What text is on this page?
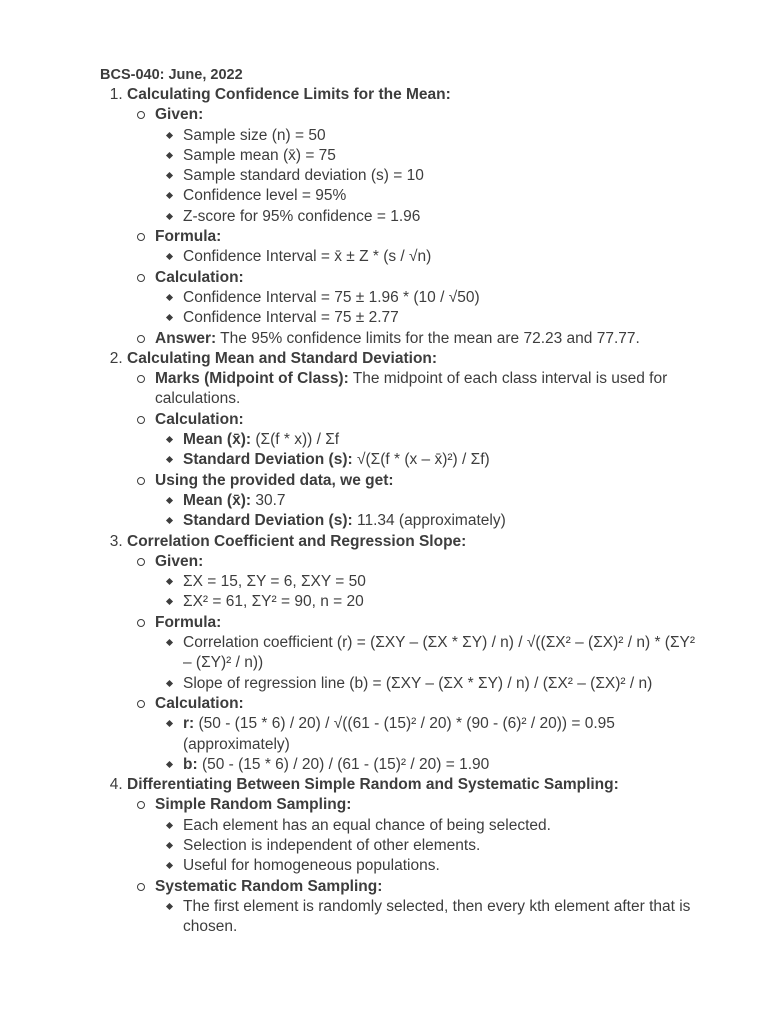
BCS-040: June, 2022
1. Calculating Confidence Limits for the Mean:
Given:
Sample size (n) = 50
Sample mean (x̄) = 75
Sample standard deviation (s) = 10
Confidence level = 95%
Z-score for 95% confidence = 1.96
Formula:
Confidence Interval = x̄ ± Z * (s / √n)
Calculation:
Confidence Interval = 75 ± 1.96 * (10 / √50)
Confidence Interval = 75 ± 2.77
Answer: The 95% confidence limits for the mean are 72.23 and 77.77.
2. Calculating Mean and Standard Deviation:
Marks (Midpoint of Class): The midpoint of each class interval is used for calculations.
Calculation:
Mean (x̄): (Σ(f * x)) / Σf
Standard Deviation (s): √(Σ(f * (x – x̄)²) / Σf)
Using the provided data, we get:
Mean (x̄): 30.7
Standard Deviation (s): 11.34 (approximately)
3. Correlation Coefficient and Regression Slope:
Given:
ΣX = 15, ΣY = 6, ΣXY = 50
ΣX² = 61, ΣY² = 90, n = 20
Formula:
Correlation coefficient (r) = (ΣXY – (ΣX * ΣY) / n) / √((ΣX² – (ΣX)² / n) * (ΣY² – (ΣY)² / n))
Slope of regression line (b) = (ΣXY – (ΣX * ΣY) / n) / (ΣX² – (ΣX)² / n)
Calculation:
r: (50 - (15 * 6) / 20) / √((61 - (15)² / 20) * (90 - (6)² / 20)) = 0.95 (approximately)
b: (50 - (15 * 6) / 20) / (61 - (15)² / 20) = 1.90
4. Differentiating Between Simple Random and Systematic Sampling:
Simple Random Sampling:
Each element has an equal chance of being selected.
Selection is independent of other elements.
Useful for homogeneous populations.
Systematic Random Sampling:
The first element is randomly selected, then every kth element after that is chosen.
